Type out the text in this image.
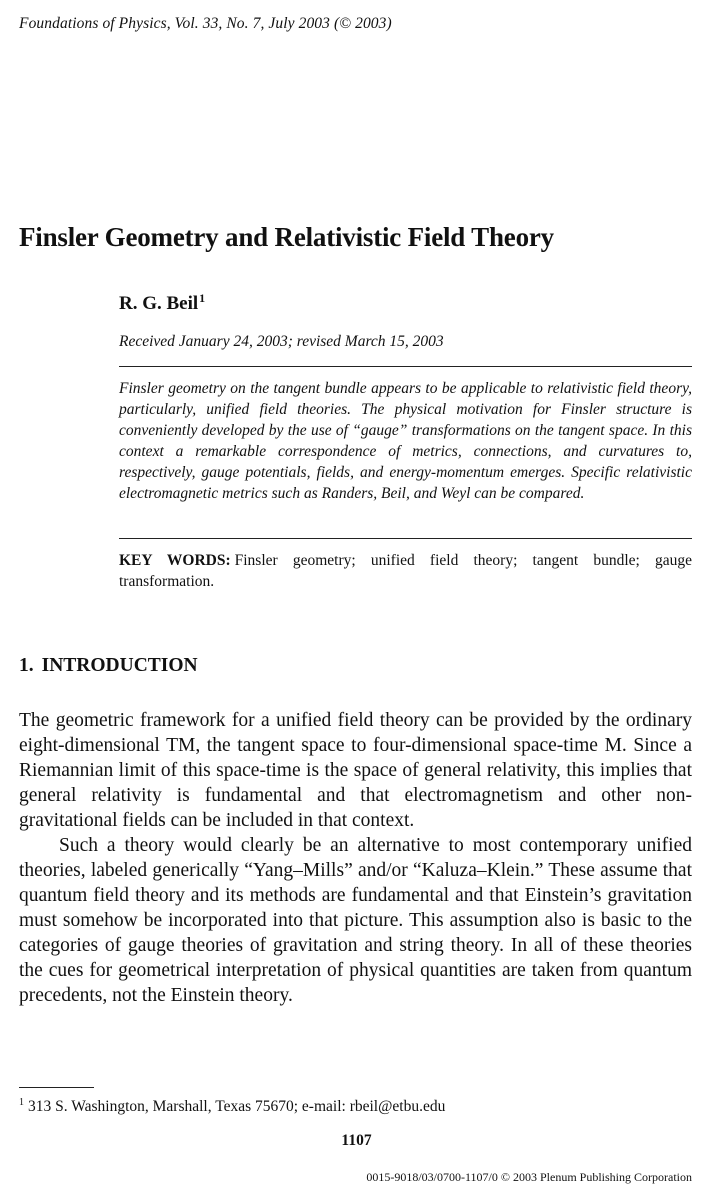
Foundations of Physics, Vol. 33, No. 7, July 2003 (© 2003)
Finsler Geometry and Relativistic Field Theory
R. G. Beil$^1$
Received January 24, 2003; revised March 15, 2003

Finsler geometry on the tangent bundle appears to be applicable to relativistic field theory, particularly, unified field theories. The physical motivation for Finsler structure is conveniently developed by the use of “gauge” transformations on the tangent space. In this context a remarkable correspondence of metrics, connections, and curvatures to, respectively, gauge potentials, fields, and energy-momentum emerges. Specific relativistic electromagnetic metrics such as Randers, Beil, and Weyl can be compared.

KEY WORDS: Finsler geometry; unified field theory; tangent bundle; gauge transformation.

1. INTRODUCTION

The geometric framework for a unified field theory can be provided by the ordinary eight-dimensional TM, the tangent space to four-dimensional space-time M. Since a Riemannian limit of this space-time is the space of general relativity, this implies that general relativity is fundamental and that electromagnetism and other non-gravitational fields can be included in that context.

Such a theory would clearly be an alternative to most contemporary unified theories, labeled generically “Yang–Mills” and/or “Kaluza–Klein.” These assume that quantum field theory and its methods are fundamental and that Einstein’s gravitation must somehow be incorporated into that picture. This assumption also is basic to the categories of gauge theories of gravitation and string theory. In all of these theories the cues for geometrical interpretation of physical quantities are taken from quantum precedents, not the Einstein theory.

$^1$ 313 S. Washington, Marshall, Texas 75670; e-mail: rbeil@etbu.edu
1107
0015-9018/03/0700-1107/0 © 2003 Plenum Publishing Corporation
